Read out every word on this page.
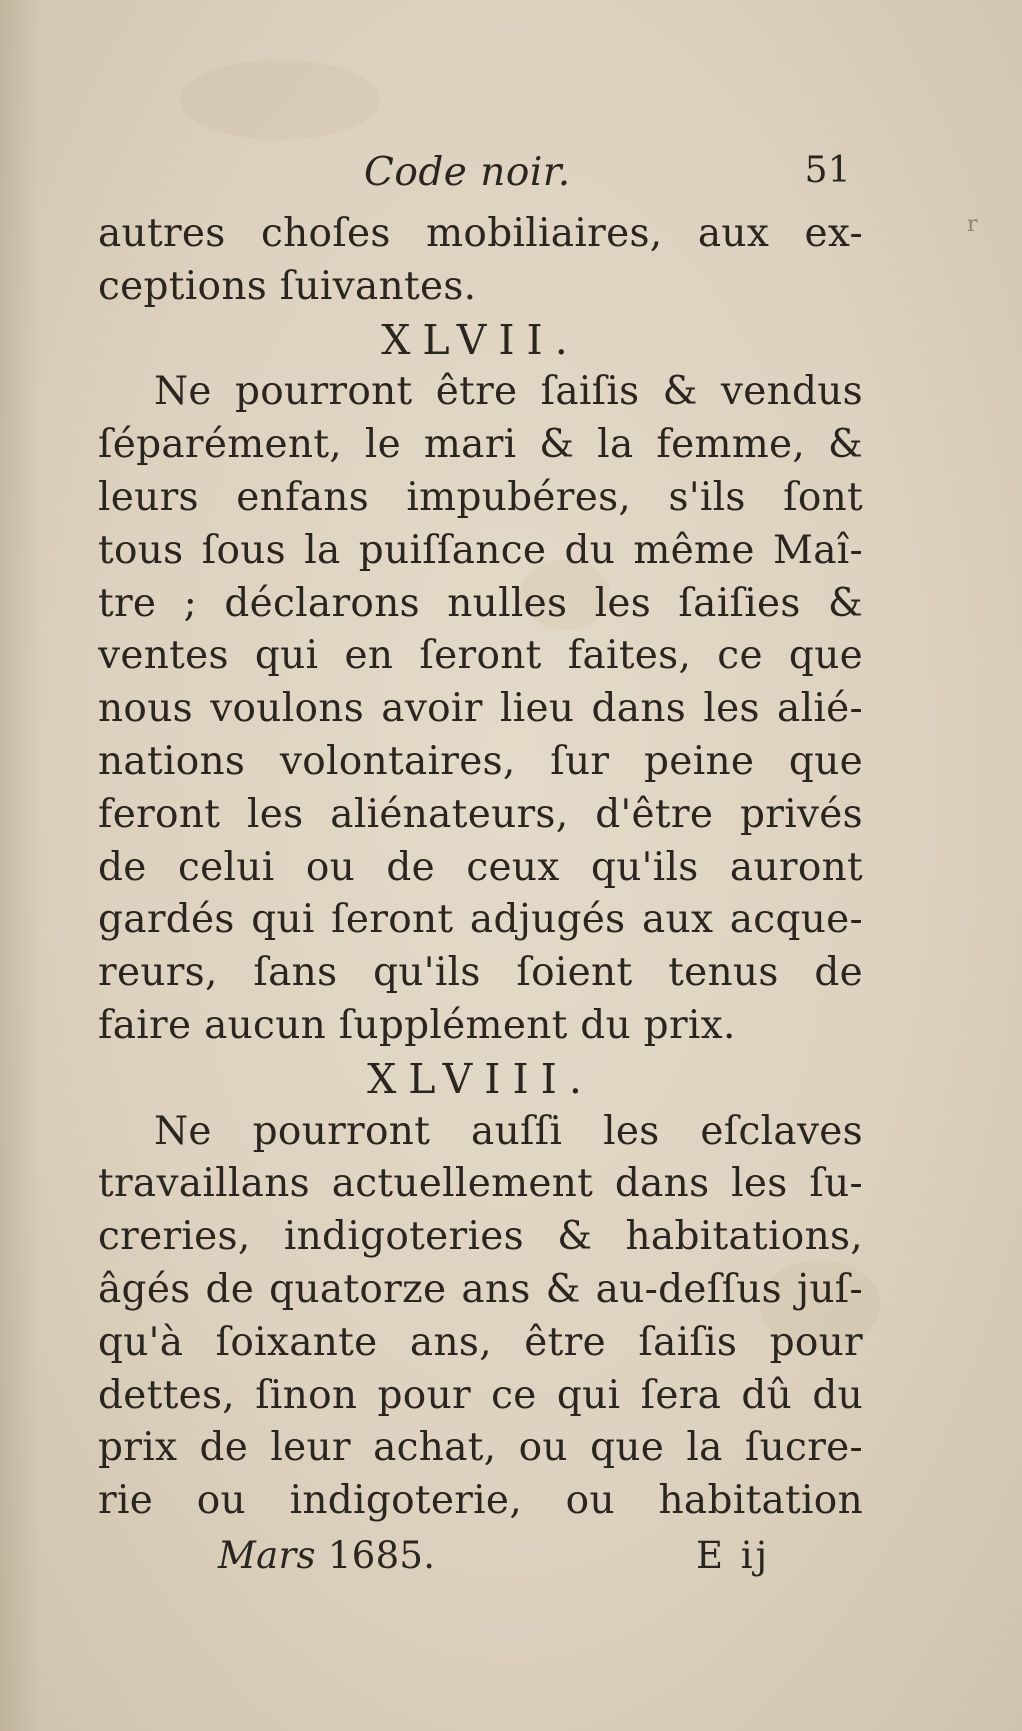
r
Code noir.	51
autres choſes mobiliaires, aux ex-
ceptions ſuivantes.
XLVII.
Ne pourront être ſaiſis & vendus
ſéparément, le mari & la femme, &
leurs enfans impubéres, s'ils ſont
tous ſous la puiſſance du même Maî-
tre ; déclarons nulles les ſaiſies &
ventes qui en ſeront faites, ce que
nous voulons avoir lieu dans les alié-
nations volontaires, ſur peine que
feront les aliénateurs, d'être privés
de celui ou de ceux qu'ils auront
gardés qui ſeront adjugés aux acque-
reurs, ſans qu'ils ſoient tenus de
faire aucun ſupplément du prix.
XLVIII.
Ne pourront auſſi les eſclaves
travaillans actuellement dans les ſu-
creries, indigoteries & habitations,
âgés de quatorze ans & au-deſſus juſ-
qu'à ſoixante ans, être ſaiſis pour
dettes, ſinon pour ce qui ſera dû du
prix de leur achat, ou que la ſucre-
rie ou indigoterie, ou habitation
Mars 1685.	E ij
